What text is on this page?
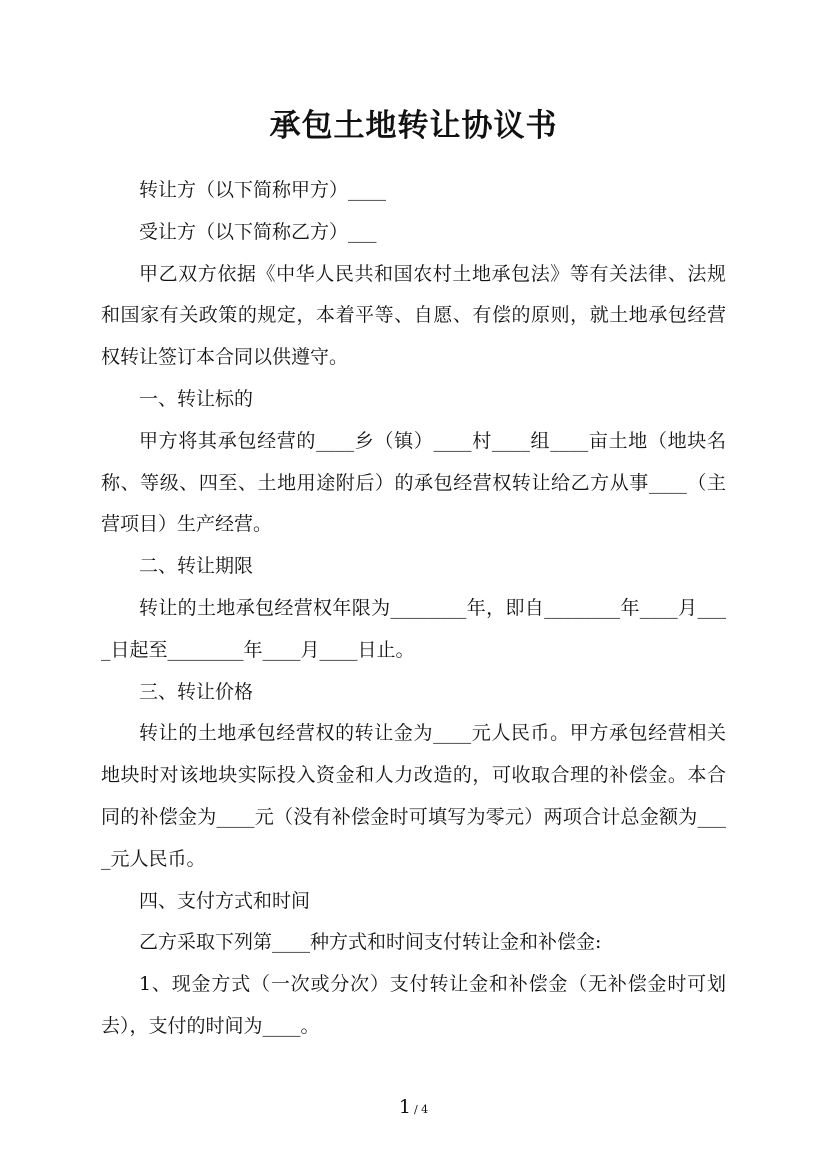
承包土地转让协议书

转让方（以下简称甲方）____

受让方（以下简称乙方）___

甲乙双方依据《中华人民共和国农村土地承包法》等有关法律、法规和国家有关政策的规定，本着平等、自愿、有偿的原则，就土地承包经营权转让签订本合同以供遵守。

一、转让标的

甲方将其承包经营的____乡（镇）____村____组____亩土地（地块名称、等级、四至、土地用途附后）的承包经营权转让给乙方从事____（主营项目）生产经营。

二、转让期限

转让的土地承包经营权年限为________年，即自________年____月____日起至________年____月____日止。

三、转让价格

转让的土地承包经营权的转让金为____元人民币。甲方承包经营相关地块时对该地块实际投入资金和人力改造的，可收取合理的补偿金。本合同的补偿金为____元（没有补偿金时可填写为零元）两项合计总金额为____元人民币。

四、支付方式和时间

乙方采取下列第____种方式和时间支付转让金和补偿金:

1、现金方式（一次或分次）支付转让金和补偿金（无补偿金时可划去），支付的时间为____。

1 / 4
